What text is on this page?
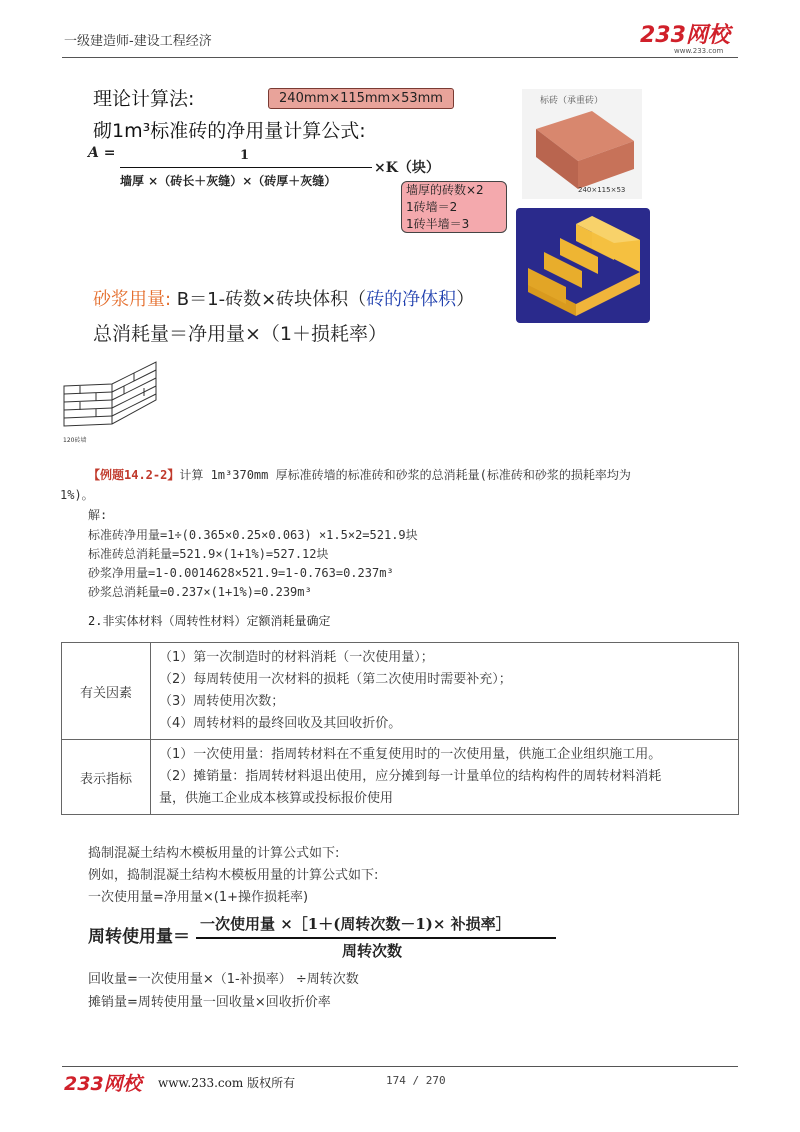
一级建造师-建设工程经济	233网校
www.233.com
理论计算法:	240mm×115mm×53mm
砌1m³标准砖的净用量计算公式:
A =	1
墙厚 ×（砖长＋灰缝）×（砖厚＋灰缝）
×K（块）
墙厚的砖数×2
1砖墙＝2
1砖半墙＝3
标砖（承重砖）
240×115×53
砂浆用量: B＝1-砖数×砖块体积（砖的净体积）
总消耗量＝净用量×（1＋损耗率）
120砖墙
【例题14.2-2】计算 1m³370mm 厚标准砖墙的标准砖和砂浆的总消耗量(标准砖和砂浆的损耗率均为
1%)。
解:
标准砖净用量=1÷(0.365×0.25×0.063) ×1.5×2=521.9块
标准砖总消耗量=521.9×(1+1%)=527.12块
砂浆净用量=1-0.0014628×521.9=1-0.763=0.237m³
砂浆总消耗量=0.237×(1+1%)=0.239m³
2.非实体材料（周转性材料）定额消耗量确定
有关因素	（1）第一次制造时的材料消耗（一次使用量）；
（2）每周转使用一次材料的损耗（第二次使用时需要补充）；
（3）周转使用次数；
（4）周转材料的最终回收及其回收折价。

表示指标	（1）一次使用量：指周转材料在不重复使用时的一次使用量，供施工企业组织施工用。
（2）摊销量：指周转材料退出使用，应分摊到每一计量单位的结构构件的周转材料消耗
量，供施工企业成本核算或投标报价使用
捣制混凝土结构木模板用量的计算公式如下:
例如，捣制混凝土结构木模板用量的计算公式如下:
一次使用量=净用量×(1+操作损耗率)
周转使用量＝
一次使用量 ×［1＋(周转次数－1)× 补损率］
周转次数
回收量=一次使用量×（1-补损率） ÷周转次数
摊销量=周转使用量一回收量×回收折价率
233网校 www.233.com 版权所有	174 / 270
